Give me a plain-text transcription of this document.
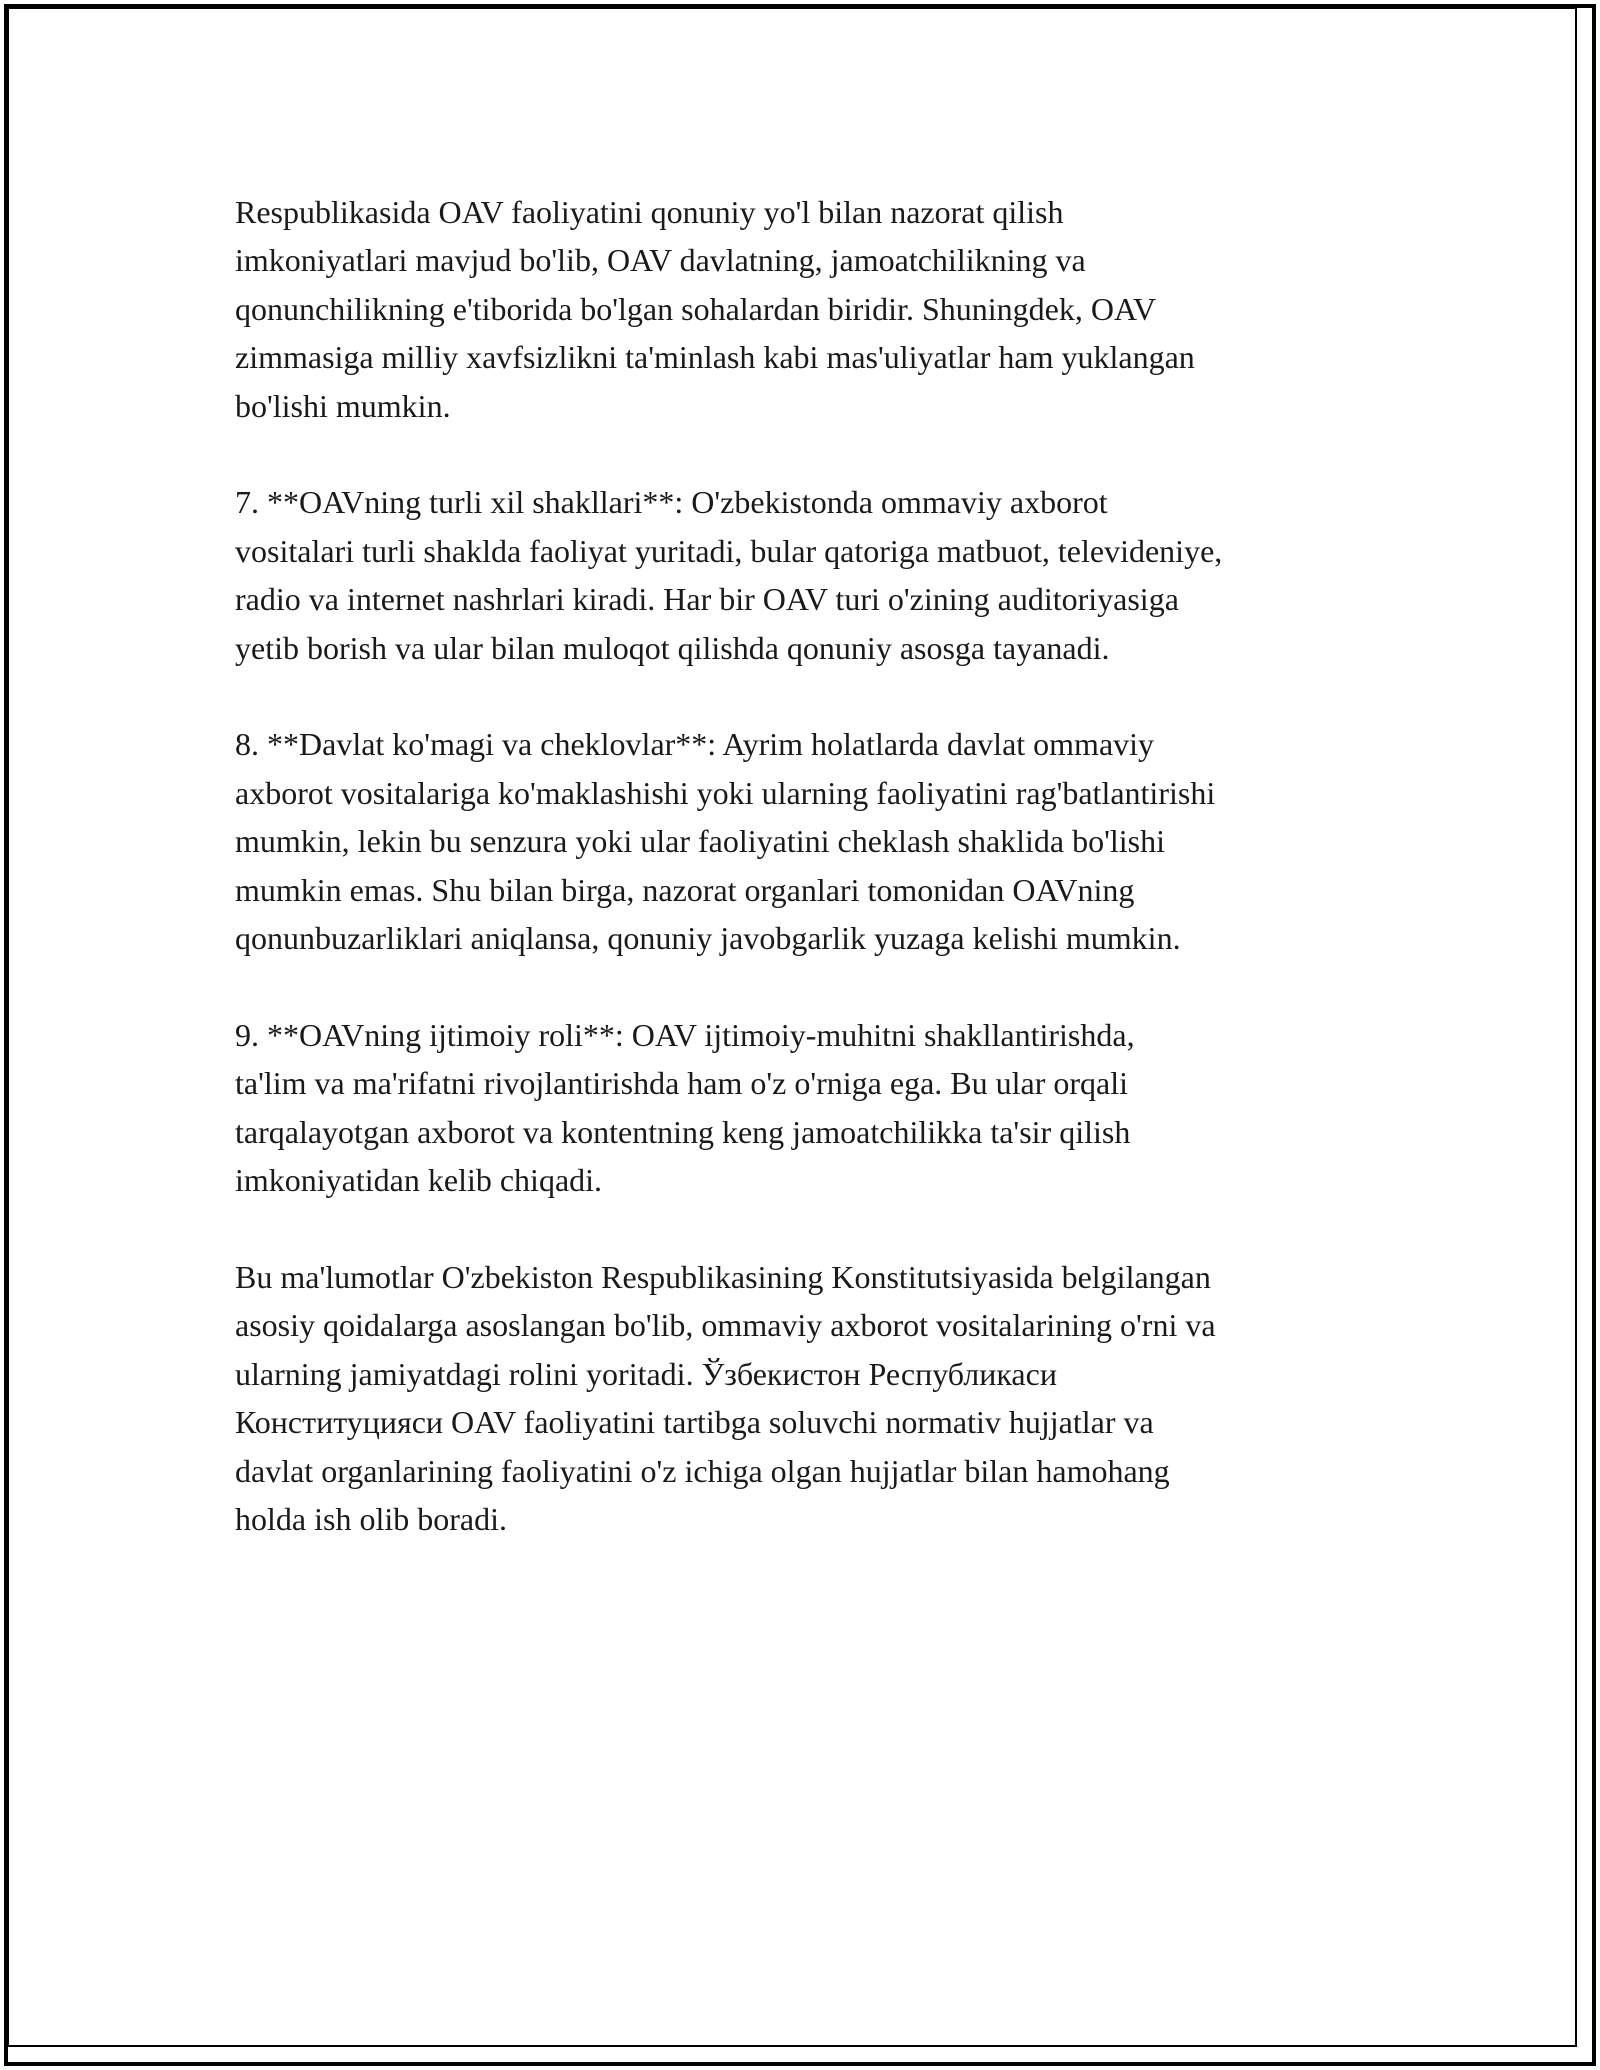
Respublikasida OAV faoliyatini qonuniy yo'l bilan nazorat qilish
imkoniyatlari mavjud bo'lib, OAV davlatning, jamoatchilikning va
qonunchilikning e'tiborida bo'lgan sohalardan biridir. Shuningdek, OAV
zimmasiga milliy xavfsizlikni ta'minlash kabi mas'uliyatlar ham yuklangan
bo'lishi mumkin.

7. **OAVning turli xil shakllari**: O'zbekistonda ommaviy axborot
vositalari turli shaklda faoliyat yuritadi, bular qatoriga matbuot, televideniye,
radio va internet nashrlari kiradi. Har bir OAV turi o'zining auditoriyasiga
yetib borish va ular bilan muloqot qilishda qonuniy asosga tayanadi.

8. **Davlat ko'magi va cheklovlar**: Ayrim holatlarda davlat ommaviy
axborot vositalariga ko'maklashishi yoki ularning faoliyatini rag'batlantirishi
mumkin, lekin bu senzura yoki ular faoliyatini cheklash shaklida bo'lishi
mumkin emas. Shu bilan birga, nazorat organlari tomonidan OAVning
qonunbuzarliklari aniqlansa, qonuniy javobgarlik yuzaga kelishi mumkin.

9. **OAVning ijtimoiy roli**: OAV ijtimoiy-muhitni shakllantirishda,
ta'lim va ma'rifatni rivojlantirishda ham o'z o'rniga ega. Bu ular orqali
tarqalayotgan axborot va kontentning keng jamoatchilikka ta'sir qilish
imkoniyatidan kelib chiqadi.

Bu ma'lumotlar O'zbekiston Respublikasining Konstitutsiyasida belgilangan
asosiy qoidalarga asoslangan bo'lib, ommaviy axborot vositalarining o'rni va
ularning jamiyatdagi rolini yoritadi. Ўзбекистон Республикаси
Конституцияси OAV faoliyatini tartibga soluvchi normativ hujjatlar va
davlat organlarining faoliyatini o'z ichiga olgan hujjatlar bilan hamohang
holda ish olib boradi.
